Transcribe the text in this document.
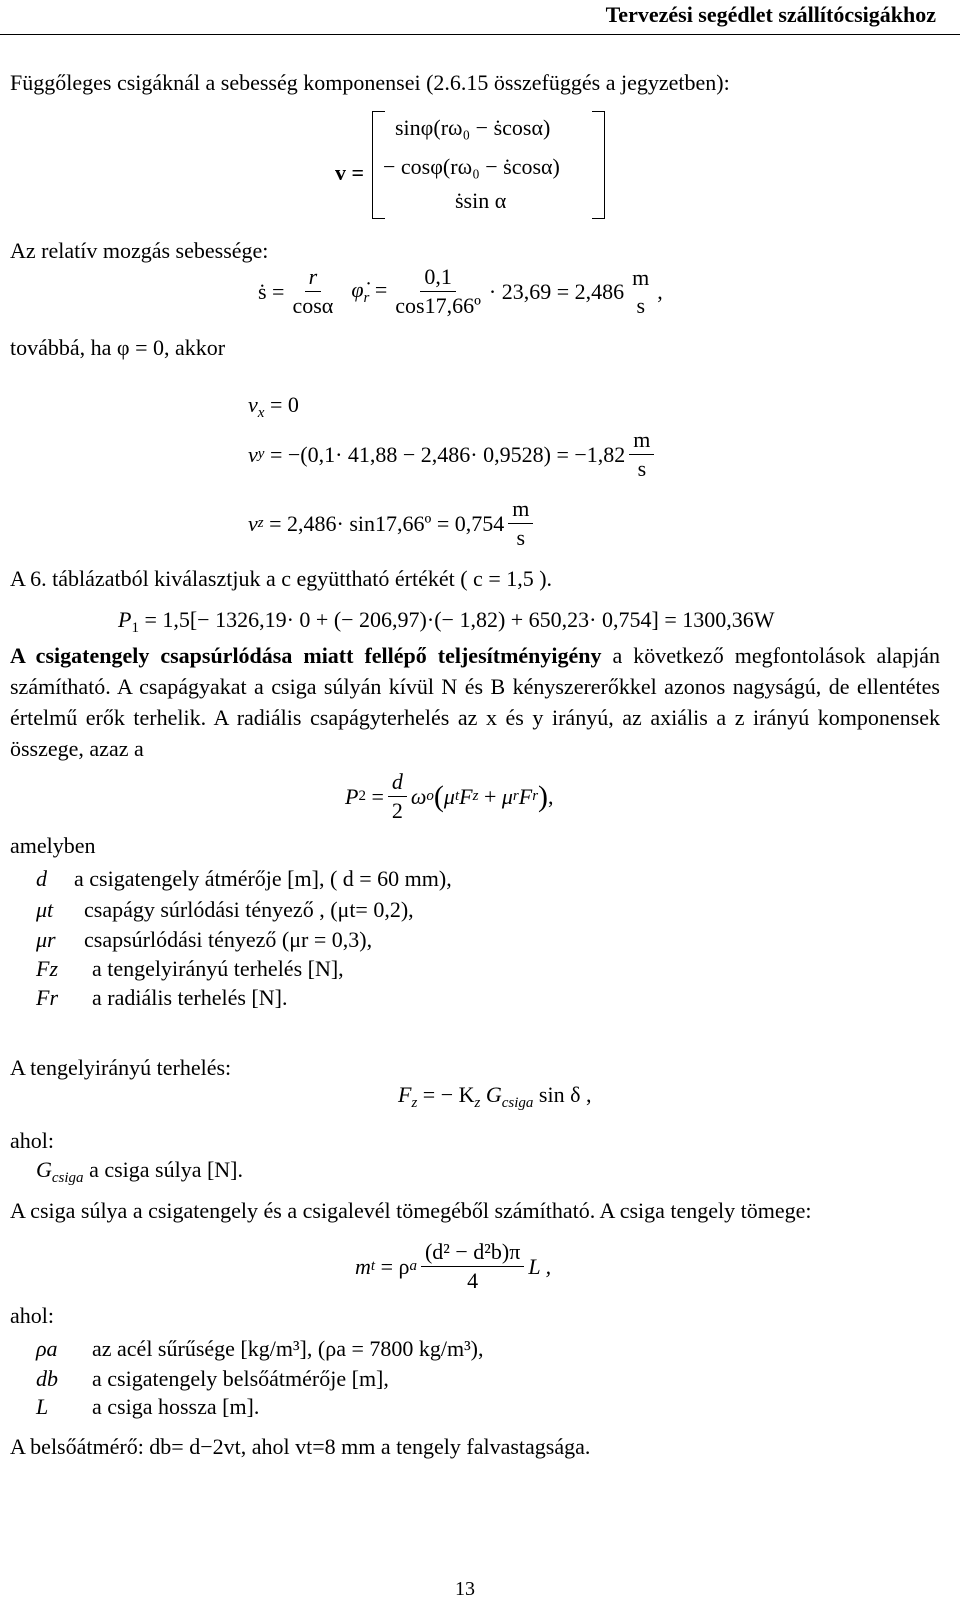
Tervezési segédlet szállítócsigákhoz
Függőleges csigáknál a sebesség komponensei (2.6.15 összefüggés a jegyzetben):
v =
sinφ(rω₀ − ṡcosα)
− cosφ(rω₀ − ṡcosα)
ṡsin α
Az relatív mozgás sebessége:
ṡ = $\frac{r}{\cos\alpha}$ $\varphi̇_r = \frac{0,1}{\text{cos17,66º}} \cdot 23,69 = 2,486$
m
s
,
továbbá, ha φ = 0, akkor
$v_x = 0$
v y
= $-(0,1\cdot 41,88 - 2,486\cdot 0,9528) = -1,82 \frac{m}{s}$
v z
= 2,486· sin17,66º = $0,754 \frac{m}{s}$
A 6. táblázatból kiválasztjuk a c együttható értékét ( c = 1,5 ).
$P_1 = 1,5[- 1326,19\cdot 0$ + (− 206,97)·(− 1,82) + 650,23· 0,754] = 1300,36W
A csigatengely csapsúrlódása miatt fellépő teljesítményigény a következő megfontolások alapján számítható. A csapágyakat a csiga súlyán kívül N és B kényszererőkkel azonos nagyságú, de ellentétes értelmű erők terhelik. A radiális csapágyterhelés az x és y irányú, az axiális a z irányú komponensek összege, azaz a
P $2 = \frac{d}{2}$ ω o ( μ t F z
+
μ r F r ) ,
amelyben
d a csigatengely átmérője [m], ( d = 60 mm),
μt csapágy súrlódási tényező , (μt= 0,2),
μr csapsúrlódási tényező (μr = 0,3),
Fz a tengelyirányú terhelés [N],
Fr a radiális terhelés [N].
A tengelyirányú terhelés:
$F_z$ = − $K_z$ $G_{csiga}$ sin δ ,
ahol:
$G_{csiga}$ a csiga súlya [N].
A csiga súlya a csigatengely és a csigalevél tömegéből számítható. A csiga tengely tömege:
m t
= ρ a $\frac{\text{(d² − d²b)π}}{4}$ L ,
ahol:
ρa az acél sűrűsége [kg/m³], (ρa = 7800 kg/m³),
db a csigatengely belsőátmérője [m],
L a csiga hossza [m].
A belsőátmérő: db= d−2vt, ahol vt=8 mm a tengely falvastagsága.
13
